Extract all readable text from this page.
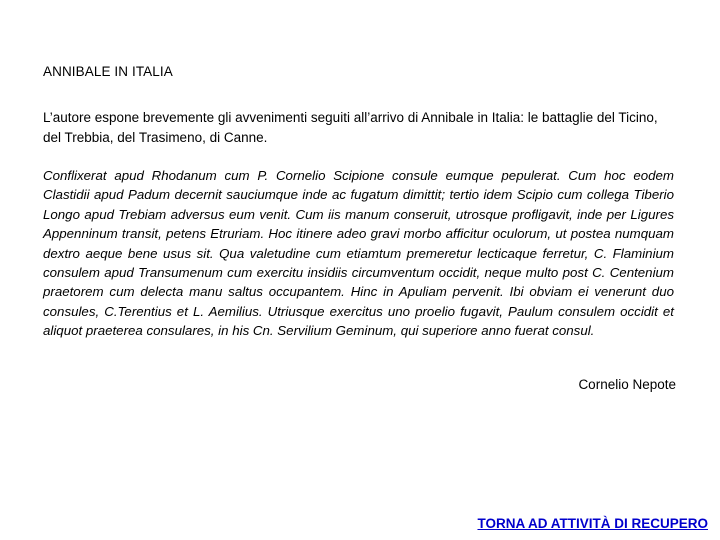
ANNIBALE IN ITALIA
L’autore espone brevemente gli avvenimenti seguiti all’arrivo di Annibale in Italia: le battaglie del Ticino, del Trebbia, del Trasimeno, di Canne.
Conflixerat apud Rhodanum cum P. Cornelio Scipione consule eumque pepulerat. Cum hoc eodem Clastidii apud Padum decernit sauciumque inde ac fugatum dimittit; tertio idem Scipio cum collega Tiberio Longo apud Trebiam adversus eum venit. Cum iis manum conseruit, utrosque profligavit, inde per Ligures Appenninum transit, petens Etruriam. Hoc itinere adeo gravi morbo afficitur oculorum, ut postea numquam dextro aeque bene usus sit. Qua valetudine cum etiamtum premeretur lecticaque ferretur, C. Flaminium consulem apud Transumenum cum exercitu insidiis circumventum occidit, neque multo post C. Centenium praetorem cum delecta manu saltus occupantem. Hinc in Apuliam pervenit. Ibi obviam ei venerunt duo consules, C.Terentius et L. Aemilius. Utriusque exercitus uno proelio fugavit, Paulum consulem occidit et aliquot praeterea consulares, in his Cn. Servilium Geminum, qui superiore anno fuerat consul.
Cornelio Nepote
TORNA AD ATTIVITÀ DI RECUPERO
